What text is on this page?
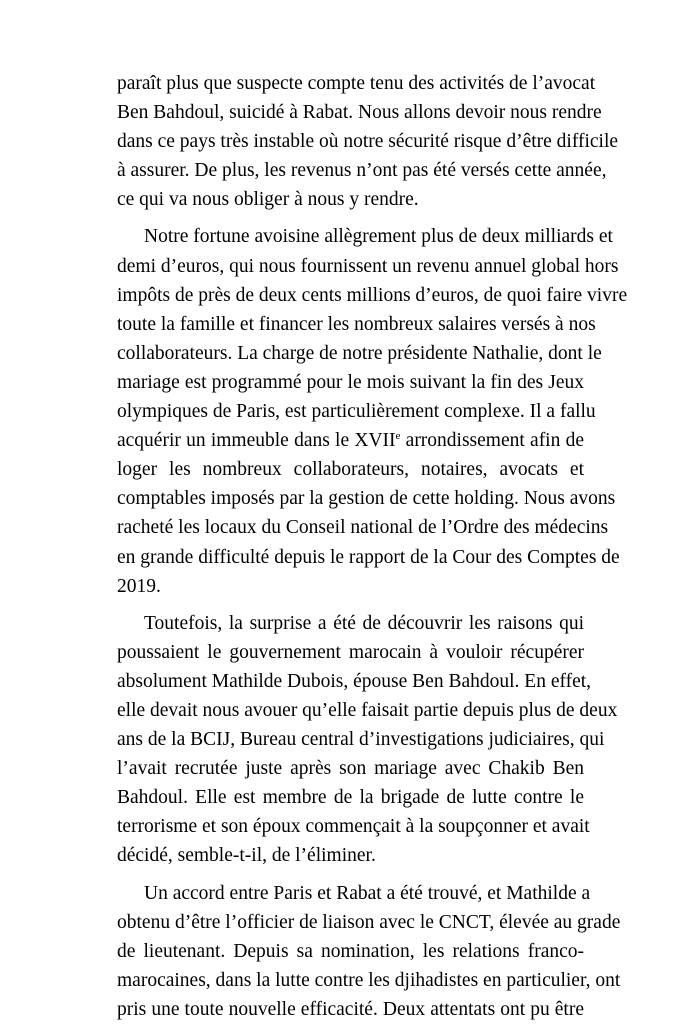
paraît plus que suspecte compte tenu des activités de l’avocat
Ben Bahdoul, suicidé à Rabat. Nous allons devoir nous rendre
dans ce pays très instable où notre sécurité risque d’être difficile
à assurer. De plus, les revenus n’ont pas été versés cette année,
ce qui va nous obliger à nous y rendre.

Notre fortune avoisine allègrement plus de deux milliards et
demi d’euros, qui nous fournissent un revenu annuel global hors
impôts de près de deux cents millions d’euros, de quoi faire vivre
toute la famille et financer les nombreux salaires versés à nos
collaborateurs. La charge de notre présidente Nathalie, dont le
mariage est programmé pour le mois suivant la fin des Jeux
olympiques de Paris, est particulièrement complexe. Il a fallu
acquérir un immeuble dans le XVIIe arrondissement afin de
loger les nombreux collaborateurs, notaires, avocats et
comptables imposés par la gestion de cette holding. Nous avons
racheté les locaux du Conseil national de l’Ordre des médecins
en grande difficulté depuis le rapport de la Cour des Comptes de
2019.

Toutefois, la surprise a été de découvrir les raisons qui
poussaient le gouvernement marocain à vouloir récupérer
absolument Mathilde Dubois, épouse Ben Bahdoul. En effet,
elle devait nous avouer qu’elle faisait partie depuis plus de deux
ans de la BCIJ, Bureau central d’investigations judiciaires, qui
l’avait recrutée juste après son mariage avec Chakib Ben
Bahdoul. Elle est membre de la brigade de lutte contre le
terrorisme et son époux commençait à la soupçonner et avait
décidé, semble-t-il, de l’éliminer.

Un accord entre Paris et Rabat a été trouvé, et Mathilde a
obtenu d’être l’officier de liaison avec le CNCT, élevée au grade
de lieutenant. Depuis sa nomination, les relations franco-
marocaines, dans la lutte contre les djihadistes en particulier, ont
pris une toute nouvelle efficacité. Deux attentats ont pu être
